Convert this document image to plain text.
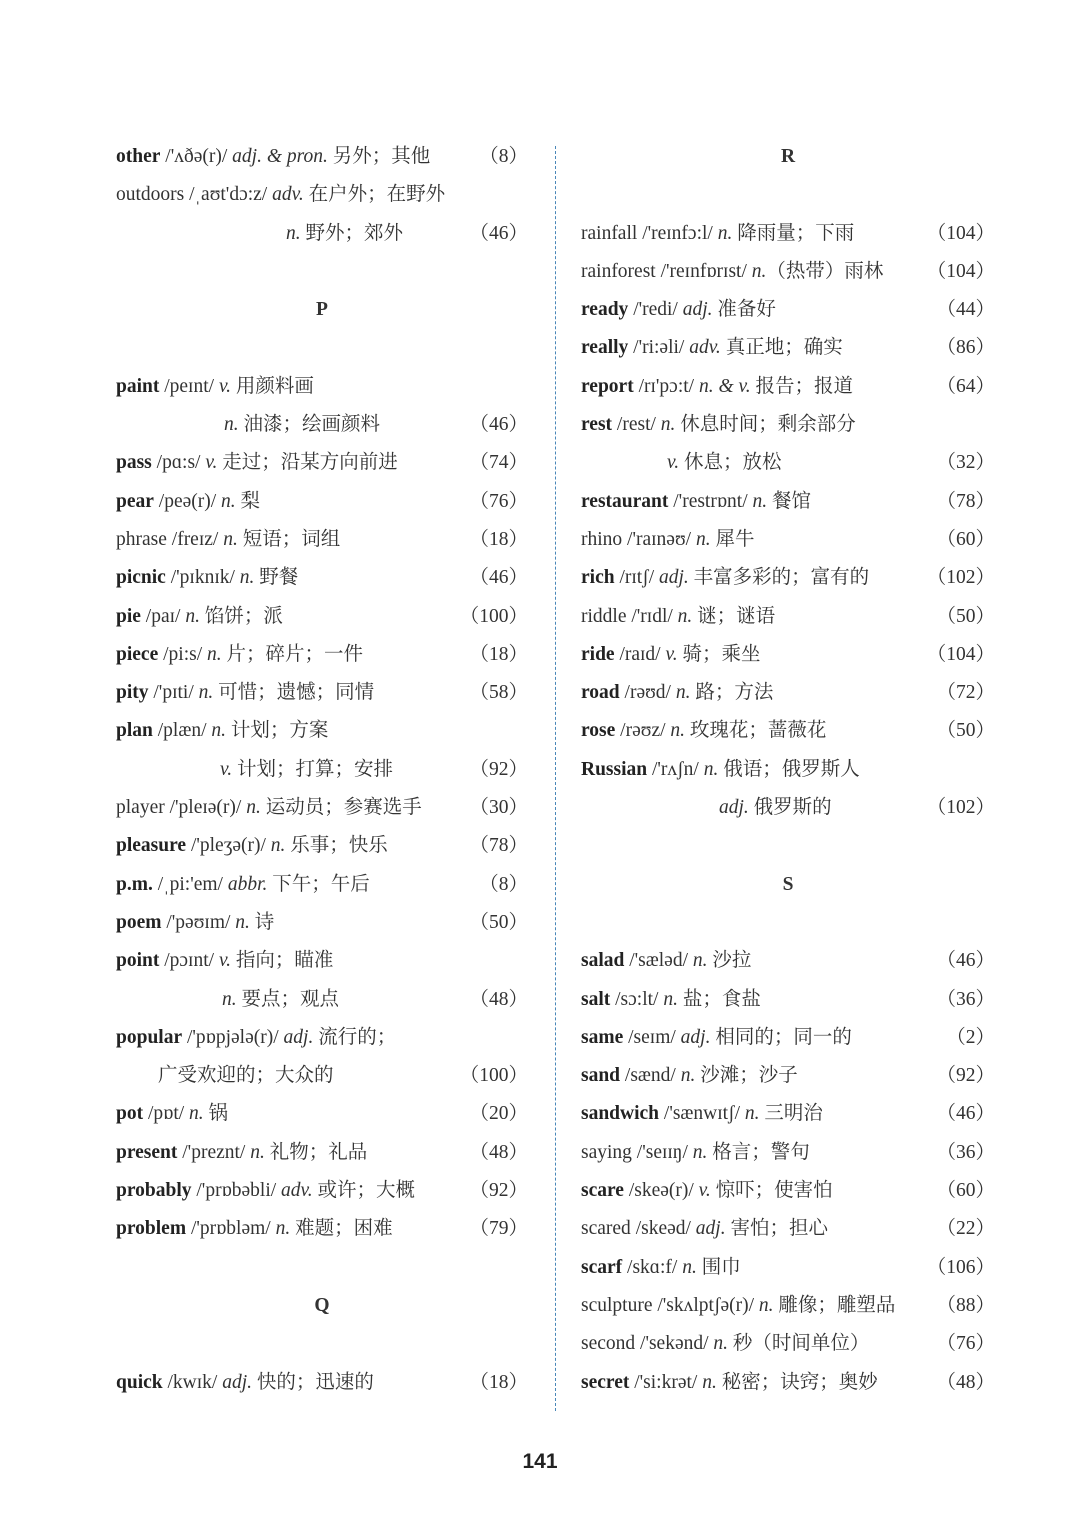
other /'ʌðə(r)/ adj. & pron. 另外；其他	（8）
outdoors /ˌaʊt'dɔ:z/ adv. 在户外；在野外
n. 野外；郊外	（46）
P
paint /peɪnt/ v. 用颜料画
n. 油漆；绘画颜料	（46）
pass /pɑ:s/ v. 走过；沿某方向前进	（74）
pear /peə(r)/ n. 梨	（76）
phrase /freɪz/ n. 短语；词组	（18）
picnic /'pɪknɪk/ n. 野餐	（46）
pie /paɪ/ n. 馅饼；派	（100）
piece /pi:s/ n. 片；碎片；一件	（18）
pity /'pɪti/ n. 可惜；遗憾；同情	（58）
plan /plæn/ n. 计划；方案
v. 计划；打算；安排	（92）
player /'pleɪə(r)/ n. 运动员；参赛选手 （30）
pleasure /'pleʒə(r)/ n. 乐事；快乐	（78）
p.m. /ˌpi:'em/ abbr. 下午；午后	（8）
poem /'pəʊɪm/ n. 诗	（50）
point /pɔɪnt/ v. 指向；瞄准
n. 要点；观点	（48）
popular /'pɒpjələ(r)/ adj. 流行的；
广受欢迎的；大众的	（100）
pot /pɒt/ n. 锅	（20）
present /'preznt/ n. 礼物；礼品	（48）
probably /'prɒbəbli/ adv. 或许；大概	（92）
problem /'prɒbləm/ n. 难题；困难	（79）
Q
quick /kwɪk/ adj. 快的；迅速的	（18）
R
rainfall /'reɪnfɔ:l/ n. 降雨量；下雨	（104）
rainforest /'reɪnfɒrɪst/ n.（热带）雨林 （104）
ready /'redi/ adj. 准备好	（44）
really /'ri:əli/ adv. 真正地；确实	（86）
report /rɪ'pɔ:t/ n. & v. 报告；报道	（64）
rest /rest/ n. 休息时间；剩余部分
v. 休息；放松	（32）
restaurant /'restrɒnt/ n. 餐馆	（78）
rhino /'raɪnəʊ/ n. 犀牛	（60）
rich /rɪtʃ/ adj. 丰富多彩的；富有的	（102）
riddle /'rɪdl/ n. 谜；谜语	（50）
ride /raɪd/ v. 骑；乘坐	（104）
road /rəʊd/ n. 路；方法	（72）
rose /rəʊz/ n. 玫瑰花；蔷薇花	（50）
Russian /'rʌʃn/ n. 俄语；俄罗斯人
adj. 俄罗斯的	（102）
S
salad /'sæləd/ n. 沙拉	（46）
salt /sɔ:lt/ n. 盐；食盐	（36）
same /seɪm/ adj. 相同的；同一的	（2）
sand /sænd/ n. 沙滩；沙子	（92）
sandwich /'sænwɪtʃ/ n. 三明治	（46）
saying /'seɪɪŋ/ n. 格言；警句	（36）
scare /skeə(r)/ v. 惊吓；使害怕	（60）
scared /skeəd/ adj. 害怕；担心	（22）
scarf /skɑ:f/ n. 围巾	（106）
sculpture /'skʌlptʃə(r)/ n. 雕像；雕塑品 （88）
second /'sekənd/ n. 秒（时间单位）	（76）
secret /'si:krət/ n. 秘密；诀窍；奥妙	（48）
141
